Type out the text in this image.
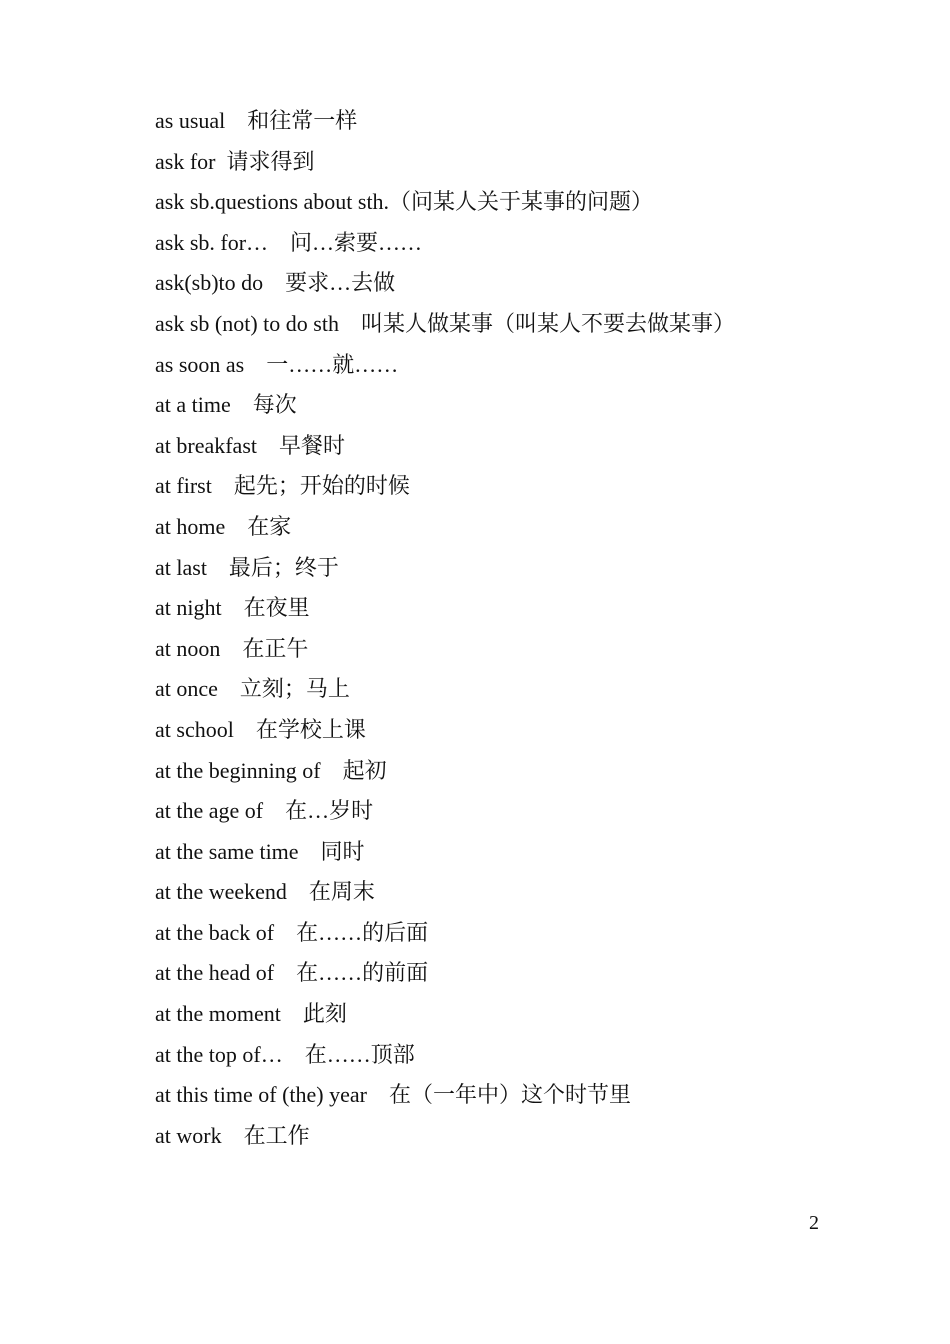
as usual    和往常一样
ask for  请求得到
ask sb.questions about sth.（问某人关于某事的问题）
ask sb. for…    问…索要……
ask(sb)to do    要求…去做
ask sb (not) to do sth    叫某人做某事（叫某人不要去做某事）
as soon as    一……就……
at a time    每次
at breakfast    早餐时
at first    起先；开始的时候
at home    在家
at last    最后；终于
at night    在夜里
at noon    在正午
at once    立刻；马上
at school    在学校上课
at the beginning of    起初
at the age of    在…岁时
at the same time    同时
at the weekend    在周末
at the back of    在……的后面
at the head of    在……的前面
at the moment    此刻
at the top of…    在……顶部
at this time of (the) year    在（一年中）这个时节里
at work    在工作
2
